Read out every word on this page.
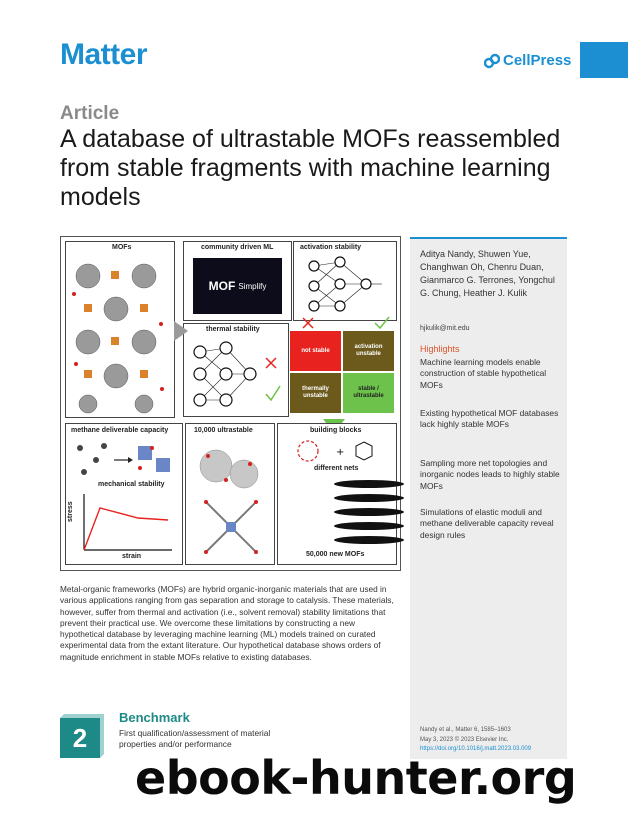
Matter	CellPress
Article
A database of ultrastable MOFs reassembled from stable fragments with machine learning models
MOFs	community driven ML
MOF Simplify
activation stability
thermal stability
not stable
activation unstable
thermally unstable
stable / ultrastable
methane deliverable capacity
mechanical stability
stress
strain
10,000 ultrastable	building blocks
+
different nets
50,000 new MOFs
Aditya Nandy, Shuwen Yue, Changhwan Oh, Chenru Duan, Gianmarco G. Terrones, Yongchul G. Chung, Heather J. Kulik
hjkulik@mit.edu
Highlights
Machine learning models enable construction of stable hypothetical MOFs
Existing hypothetical MOF databases lack highly stable MOFs
Sampling more net topologies and inorganic nodes leads to highly stable MOFs
Simulations of elastic moduli and methane deliverable capacity reveal design rules
Nandy et al., Matter 6, 1585–1603
May 3, 2023 © 2023 Elsevier Inc.
https://doi.org/10.1016/j.matt.2023.03.009
Metal-organic frameworks (MOFs) are hybrid organic-inorganic materials that are used in various applications ranging from gas separation and storage to catalysis. These materials, however, suffer from thermal and activation (i.e., solvent removal) stability limitations that prevent their practical use. We overcome these limitations by constructing a new hypothetical database by leveraging machine learning (ML) models trained on curated experimental data from the extant literature. Our hypothetical database shows orders of magnitude enrichment in stable MOFs relative to existing databases.
2
Benchmark
First qualification/assessment of material properties and/or performance
ebook-hunter.org
